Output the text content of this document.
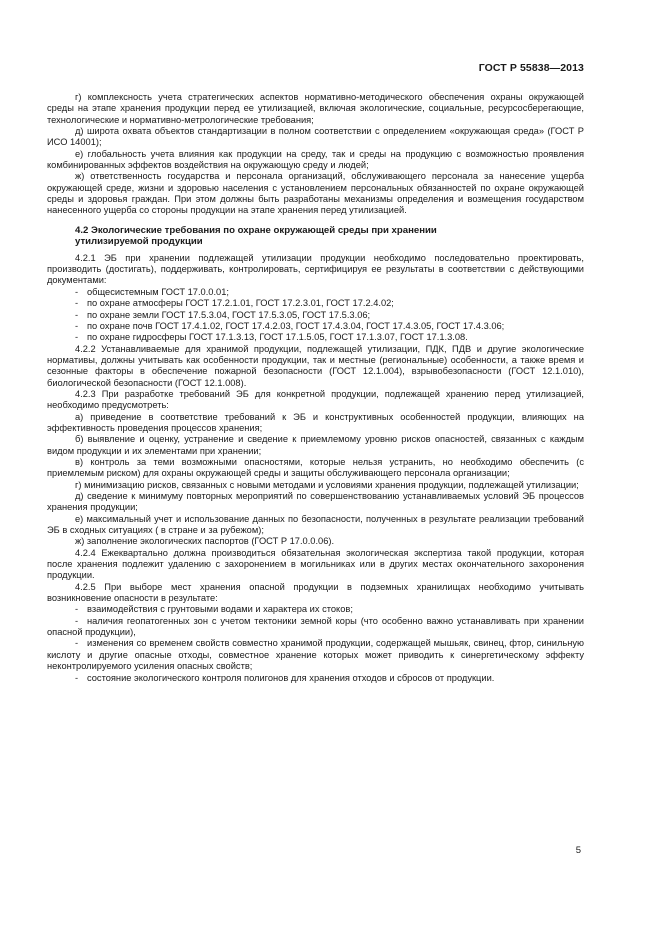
ГОСТ Р 55838—2013

г) комплексность учета стратегических аспектов нормативно-методического обеспечения охраны окружающей среды на этапе хранения продукции перед ее утилизацией, включая экологические, социальные, ресурсосберегающие, технологические и нормативно-метрологические требования;

д) широта охвата объектов стандартизации в полном соответствии с определением «окружающая среда» (ГОСТ Р ИСО 14001);

е) глобальность учета влияния как продукции на среду, так и среды на продукцию с возможностью проявления комбинированных эффектов воздействия на окружающую среду и людей;

ж) ответственность государства и персонала организаций, обслуживающего персонала за нанесение ущерба окружающей среде, жизни и здоровью населения с установлением персональных обязанностей по охране окружающей среды и здоровья граждан. При этом должны быть разработаны механизмы определения и возмещения государством нанесенного ущерба со стороны продукции на этапе хранения перед утилизацией.

4.2 Экологические требования по охране окружающей среды при хранении
утилизируемой продукции

4.2.1 ЭБ при хранении подлежащей утилизации продукции необходимо последовательно проектировать, производить (достигать), поддерживать, контролировать, сертифицируя ее результаты в соответствии с действующими документами:

- общесистемным ГОСТ 17.0.0.01;

- по охране атмосферы ГОСТ 17.2.1.01, ГОСТ 17.2.3.01, ГОСТ 17.2.4.02;

- по охране земли ГОСТ 17.5.3.04, ГОСТ 17.5.3.05, ГОСТ 17.5.3.06;

- по охране почв ГОСТ 17.4.1.02, ГОСТ 17.4.2.03, ГОСТ 17.4.3.04, ГОСТ 17.4.3.05, ГОСТ 17.4.3.06;

- по охране гидросферы ГОСТ 17.1.3.13, ГОСТ 17.1.5.05, ГОСТ 17.1.3.07, ГОСТ 17.1.3.08.

4.2.2 Устанавливаемые для хранимой продукции, подлежащей утилизации, ПДК, ПДВ и другие экологические нормативы, должны учитывать как особенности продукции, так и местные (региональные) особенности, а также время и сезонные факторы в обеспечение пожарной безопасности (ГОСТ 12.1.004), взрывобезопасности (ГОСТ 12.1.010), биологической безопасности (ГОСТ 12.1.008).

4.2.3 При разработке требований ЭБ для конкретной продукции, подлежащей хранению перед утилизацией, необходимо предусмотреть:

а) приведение в соответствие требований к ЭБ и конструктивных особенностей продукции, влияющих на эффективность проведения процессов хранения;

б) выявление и оценку, устранение и сведение к приемлемому уровню рисков опасностей, связанных с каждым видом продукции и их элементами при хранении;

в) контроль за теми возможными опасностями, которые нельзя устранить, но необходимо обеспечить (с приемлемым риском) для охраны окружающей среды и защиты обслуживающего персонала организации;

г) минимизацию рисков, связанных с новыми методами и условиями хранения продукции, подлежащей утилизации;

д) сведение к минимуму повторных мероприятий по совершенствованию устанавливаемых условий ЭБ процессов хранения продукции;

е) максимальный учет и использование данных по безопасности, полученных в результате реализации требований ЭБ в сходных ситуациях ( в стране и за рубежом);

ж) заполнение экологических паспортов (ГОСТ Р 17.0.0.06).

4.2.4 Ежеквартально должна производиться обязательная экологическая экспертиза такой продукции, которая после хранения подлежит удалению с захоронением в могильниках или в других местах окончательного захоронения продукции.

4.2.5 При выборе мест хранения опасной продукции в подземных хранилищах необходимо учитывать возникновение опасности в результате:

- взаимодействия с грунтовыми водами и характера их стоков;

- наличия геопатогенных зон с учетом тектоники земной коры (что особенно важно устанавливать при хранении опасной продукции),

- изменения со временем свойств совместно хранимой продукции, содержащей мышьяк, свинец, фтор, синильную кислоту и другие опасные отходы, совместное хранение которых может приводить к синергетическому эффекту неконтролируемого усиления опасных свойств;

- состояние экологического контроля полигонов для хранения отходов и сбросов от продукции.

5
